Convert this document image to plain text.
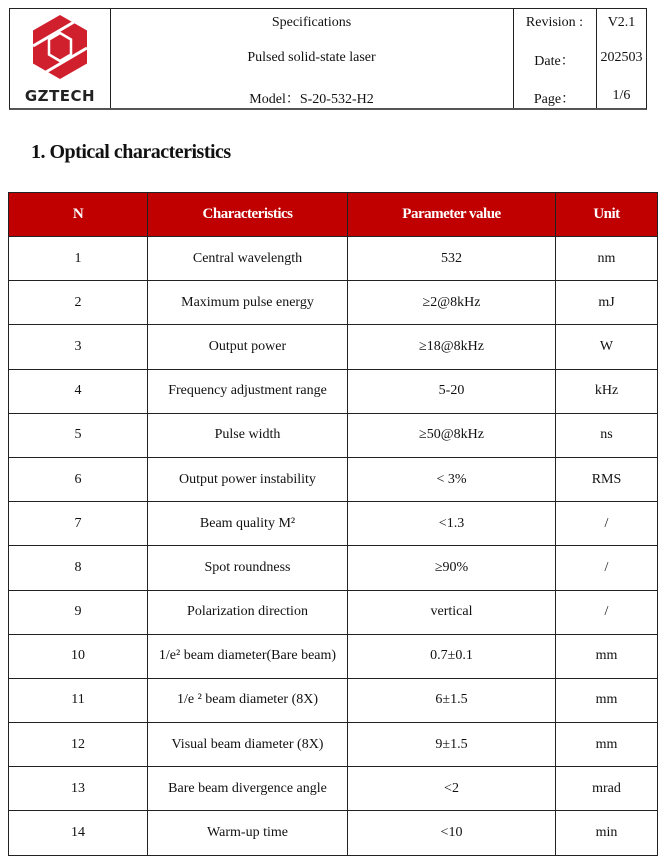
GZTECH
Specifications
Pulsed solid-state laser
Model：S-20-532-H2
Revision :
Date：
Page：
V2.1
202503
1/6
1. Optical characteristics
N	Characteristics	Parameter value	Unit
1	Central wavelength	532	nm
2	Maximum pulse energy	≥2@8kHz	mJ
3	Output power	≥18@8kHz	W
4	Frequency adjustment range	5-20	kHz
5	Pulse width	≥50@8kHz	ns
6	Output power instability	< 3%	RMS
7	Beam quality M²	<1.3	/
8	Spot roundness	≥90%	/
9	Polarization direction	vertical	/
10	1/e² beam diameter(Bare beam)	0.7±0.1	mm
11	1/e ² beam diameter (8X)	6±1.5	mm
12	Visual beam diameter (8X)	9±1.5	mm
13	Bare beam divergence angle	<2	mrad
14	Warm-up time	<10	min
